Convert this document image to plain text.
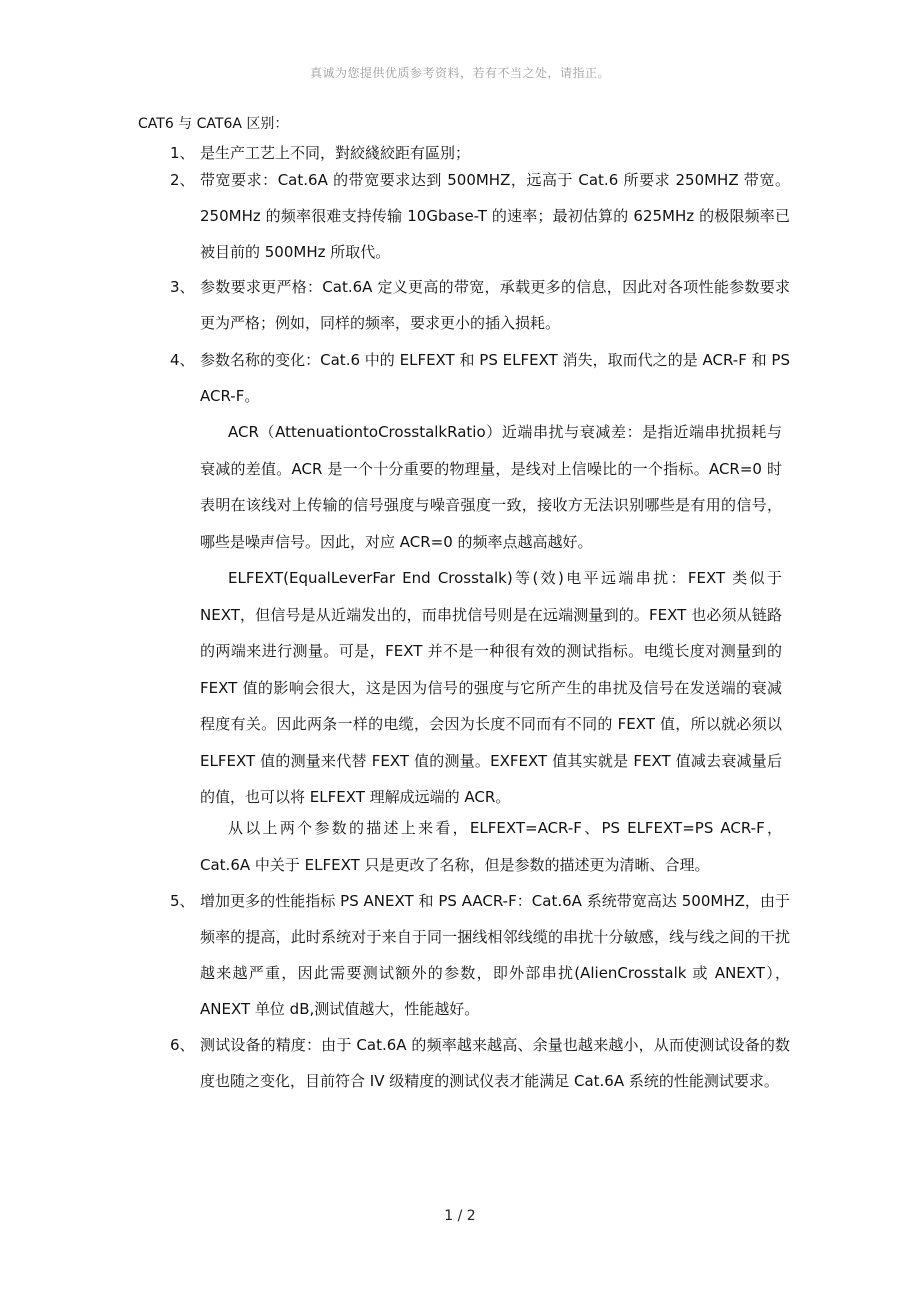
真诚为您提供优质参考资料，若有不当之处，请指正。
CAT6 与 CAT6A 区别：
1、 是生产工艺上不同，對絞綫絞距有區別；
2、 带宽要求：Cat.6A 的带宽要求达到 500MHZ，远高于 Cat.6 所要求 250MHZ 带宽。250MHz 的频率很难支持传输 10Gbase-T 的速率；最初估算的 625MHz 的极限频率已被目前的 500MHz 所取代。
3、 参数要求更严格：Cat.6A 定义更高的带宽，承载更多的信息，因此对各项性能参数要求更为严格；例如，同样的频率，要求更小的插入损耗。
4、 参数名称的变化：Cat.6 中的 ELFEXT 和 PS ELFEXT 消失，取而代之的是 ACR-F 和 PS ACR-F。
ACR（AttenuationtoCrosstalkRatio）近端串扰与衰减差：是指近端串扰损耗与衰减的差值。ACR 是一个十分重要的物理量，是线对上信噪比的一个指标。ACR=0 时表明在该线对上传输的信号强度与噪音强度一致，接收方无法识别哪些是有用的信号，哪些是噪声信号。因此，对应 ACR=0 的频率点越高越好。
ELFEXT(EqualLeverFar End Crosstalk)等(效)电平远端串扰：FEXT 类似于 NEXT，但信号是从近端发出的，而串扰信号则是在远端测量到的。FEXT 也必须从链路的两端来进行测量。可是，FEXT 并不是一种很有效的测试指标。电缆长度对测量到的 FEXT 值的影响会很大，这是因为信号的强度与它所产生的串扰及信号在发送端的衰减程度有关。因此两条一样的电缆，会因为长度不同而有不同的 FEXT 值，所以就必须以 ELFEXT 值的测量来代替 FEXT 值的测量。EXFEXT 值其实就是 FEXT 值减去衰减量后的值，也可以将 ELFEXT 理解成远端的 ACR。
从以上两个参数的描述上来看，ELFEXT=ACR-F、PS ELFEXT=PS ACR-F，Cat.6A 中关于 ELFEXT 只是更改了名称，但是参数的描述更为清晰、合理。
5、 增加更多的性能指标 PS ANEXT 和 PS AACR-F：Cat.6A 系统带宽高达 500MHZ，由于频率的提高，此时系统对于来自于同一捆线相邻线缆的串扰十分敏感，线与线之间的干扰越来越严重，因此需要测试额外的参数，即外部串扰(AlienCrosstalk 或 ANEXT），ANEXT 单位 dB,测试值越大，性能越好。
6、 测试设备的精度：由于 Cat.6A 的频率越来越高、余量也越来越小，从而使测试设备的数度也随之变化，目前符合 IV 级精度的测试仪表才能满足 Cat.6A 系统的性能测试要求。
1 / 2
